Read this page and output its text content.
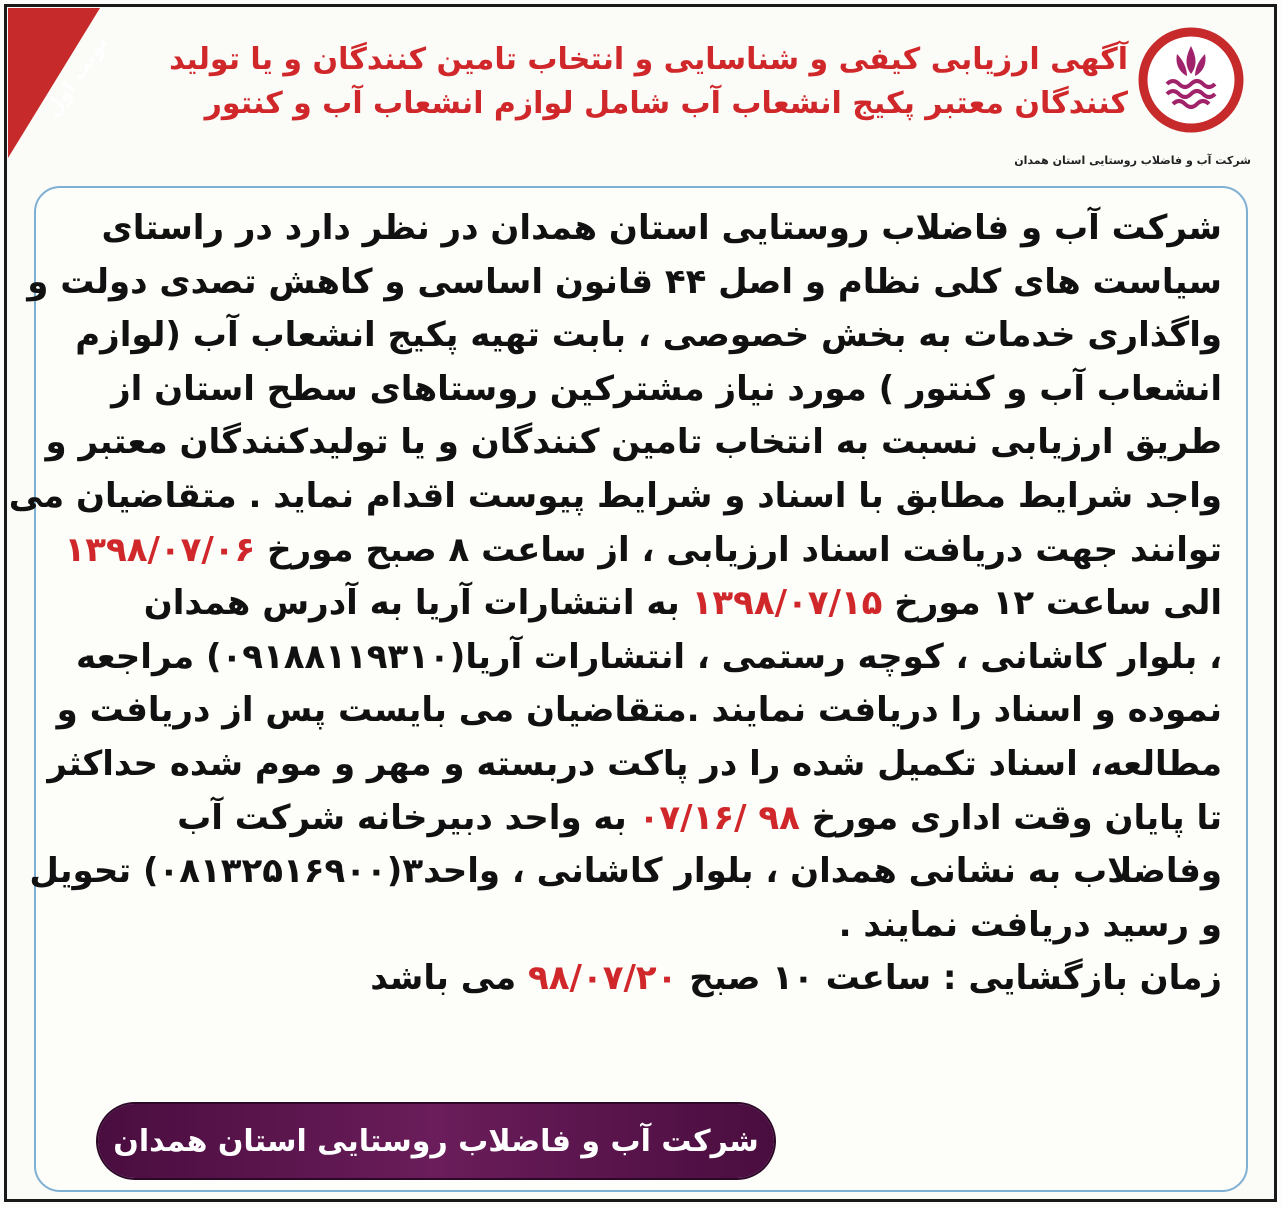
نوبت اول	آگهی ارزیابی کیفی و شناسایی و انتخاب تامین کنندگان و یا تولید
کنندگان معتبر پکیج انشعاب آب شامل لوازم انشعاب آب و کنتور
شرکت آب و فاضلاب روستایی استان همدان
شرکت آب و فاضلاب روستایی استان همدان در نظر دارد در راستای
سیاست های کلی نظام و اصل ۴۴ قانون اساسی و کاهش تصدی دولت و
واگذاری خدمات به بخش خصوصی ، بابت تهیه پکیج انشعاب آب (لوازم
انشعاب آب و کنتور ) مورد نیاز مشترکین روستاهای سطح استان از
طریق ارزیابی نسبت به انتخاب تامین کنندگان و یا تولیدکنندگان معتبر و
واجد شرایط مطابق با اسناد و شرایط پیوست اقدام نماید . متقاضیان می
توانند جهت دریافت اسناد ارزیابی ، از ساعت ۸ صبح مورخ ۱۳۹۸/۰۷/۰۶
الی ساعت ۱۲ مورخ ۱۳۹۸/۰۷/۱۵ به انتشارات آریا به آدرس همدان
، بلوار کاشانی ، کوچه رستمی ، انتشارات آریا(۰۹۱۸۸۱۱۹۳۱۰) مراجعه
نموده و اسناد را دریافت نمایند .متقاضیان می بایست پس از دریافت و
مطالعه، اسناد تکمیل شده را در پاکت دربسته و مهر و موم شده حداکثر
تا پایان وقت اداری مورخ ۹۸ /۰۷/۱۶ به واحد دبیرخانه شرکت آب
وفاضلاب به نشانی همدان ، بلوار کاشانی ، واحد۳(۰۸۱۳۲۵۱۶۹۰۰) تحویل
و رسید دریافت نمایند .
زمان بازگشایی : ساعت ۱۰ صبح ۹۸/۰۷/۲۰ می باشد
شرکت آب و فاضلاب روستایی استان همدان
